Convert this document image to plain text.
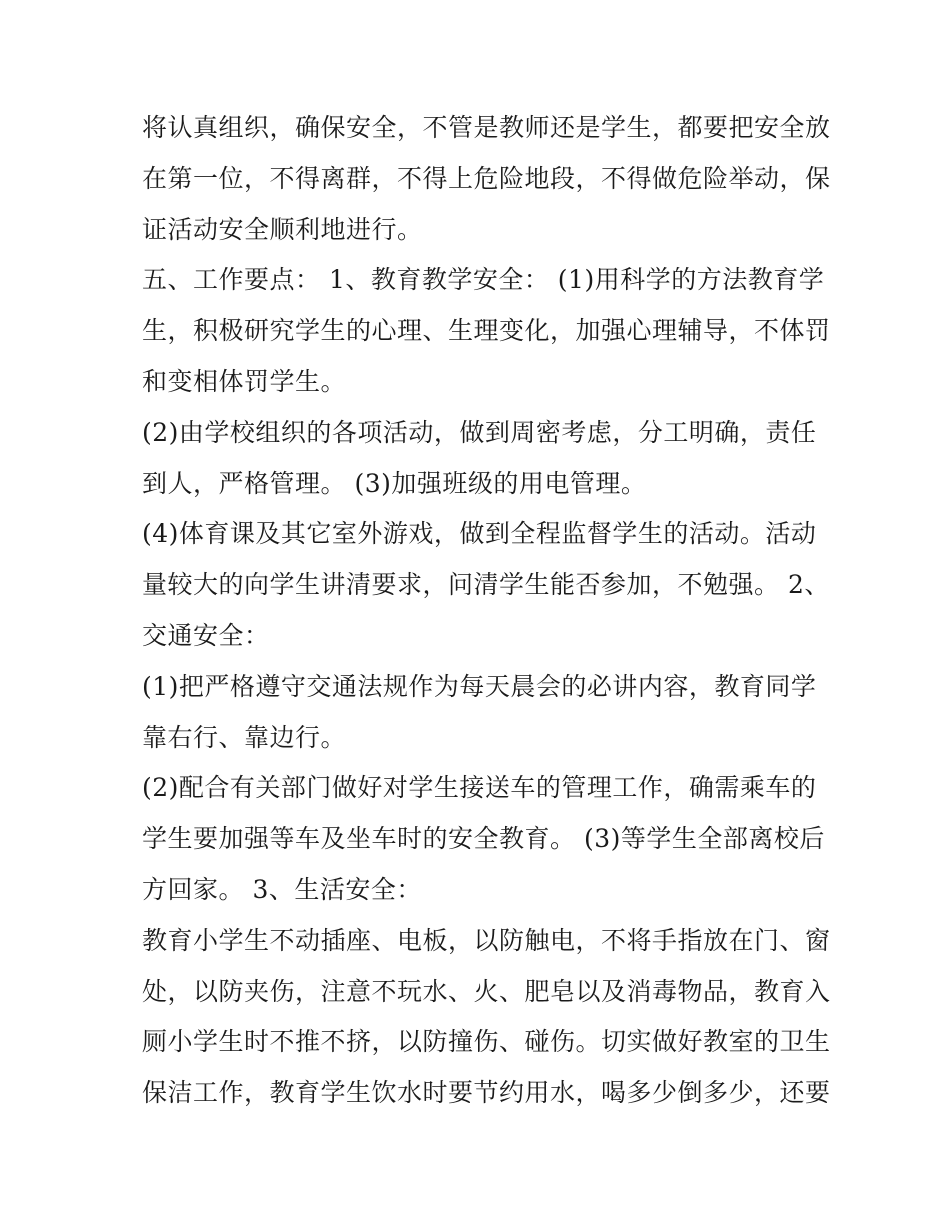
将认真组织，确保安全，不管是教师还是学生，都要把安全放
在第一位，不得离群，不得上危险地段，不得做危险举动，保
证活动安全顺利地进行。
五、工作要点： 1、教育教学安全： (1)用科学的方法教育学
生，积极研究学生的心理、生理变化，加强心理辅导，不体罚
和变相体罚学生。
(2)由学校组织的各项活动，做到周密考虑，分工明确，责任
到人，严格管理。 (3)加强班级的用电管理。
(4)体育课及其它室外游戏，做到全程监督学生的活动。活动
量较大的向学生讲清要求，问清学生能否参加，不勉强。 2、
交通安全：
(1)把严格遵守交通法规作为每天晨会的必讲内容，教育同学
靠右行、靠边行。
(2)配合有关部门做好对学生接送车的管理工作，确需乘车的
学生要加强等车及坐车时的安全教育。 (3)等学生全部离校后
方回家。 3、生活安全：
教育小学生不动插座、电板，以防触电，不将手指放在门、窗
处，以防夹伤，注意不玩水、火、肥皂以及消毒物品，教育入
厕小学生时不推不挤，以防撞伤、碰伤。切实做好教室的卫生
保洁工作，教育学生饮水时要节约用水，喝多少倒多少，还要
